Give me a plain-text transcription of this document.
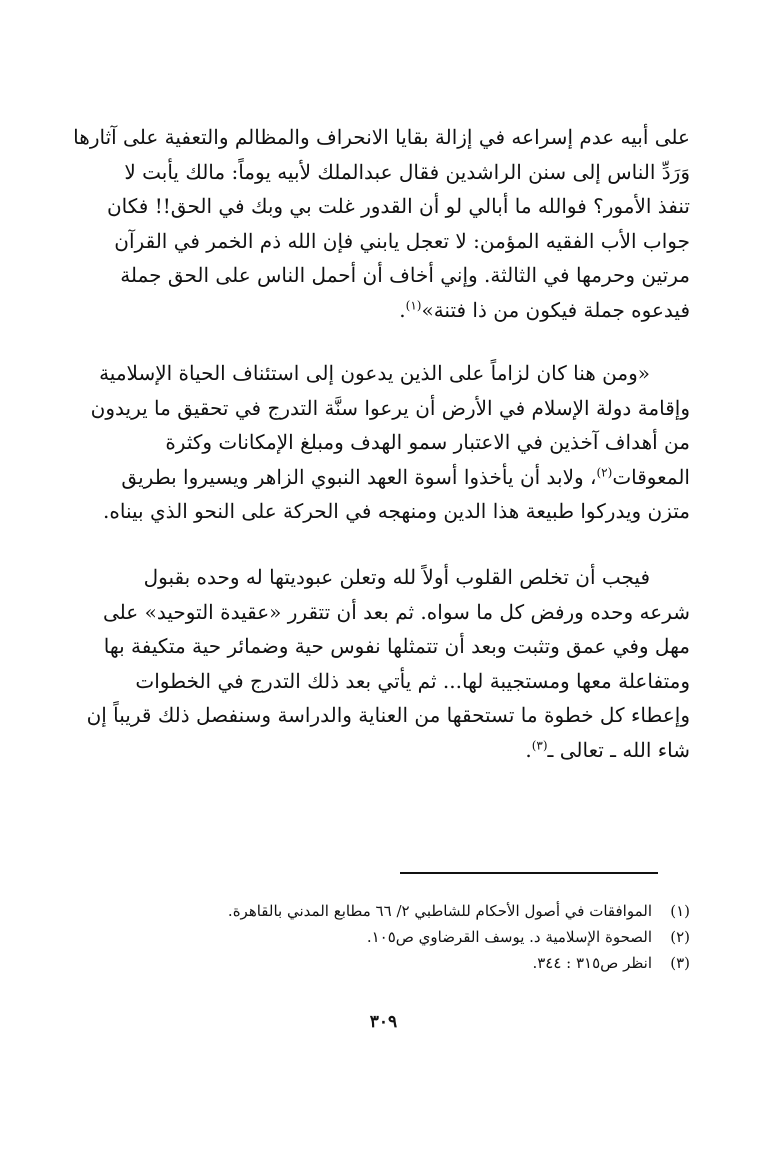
على أبيه عدم إسراعه في إزالة بقايا الانحراف والمظالم والتعفية على آثارها
وَرَدِّ الناس إلى سنن الراشدين فقال عبدالملك لأبيه يوماً: مالك يأبت لا
تنفذ الأمور؟ فوالله ما أبالي لو أن القدور غلت بي وبك في الحق!! فكان
جواب الأب الفقيه المؤمن: لا تعجل يابني فإن الله ذم الخمر في القرآن
مرتين وحرمها في الثالثة. وإني أخاف أن أحمل الناس على الحق جملة
فيدعوه جملة فيكون من ذا فتنة»$^{(١)}$.
«ومن هنا كان لزاماً على الذين يدعون إلى استئناف الحياة الإسلامية
وإقامة دولة الإسلام في الأرض أن يرعوا سنَّة التدرج في تحقيق ما يريدون
من أهداف آخذين في الاعتبار سمو الهدف ومبلغ الإمكانات وكثرة
المعوقات$^{(٢)}$، ولابد أن يأخذوا أسوة العهد النبوي الزاهر ويسيروا بطريق
متزن ويدركوا طبيعة هذا الدين ومنهجه في الحركة على النحو الذي بيناه.
فيجب أن تخلص القلوب أولاً لله وتعلن عبوديتها له وحده بقبول
شرعه وحده ورفض كل ما سواه. ثم بعد أن تتقرر «عقيدة التوحيد» على
مهل وفي عمق وتثبت وبعد أن تتمثلها نفوس حية وضمائر حية متكيفة بها
ومتفاعلة معها ومستجيبة لها... ثم يأتي بعد ذلك التدرج في الخطوات
وإعطاء كل خطوة ما تستحقها من العناية والدراسة وسنفصل ذلك قريباً إن
شاء الله ـ تعالى ـ$^{(٣)}$.
(١)الموافقات في أصول الأحكام للشاطبي ٢/ ٦٦ مطابع المدني بالقاهرة.
(٢)الصحوة الإسلامية د. يوسف القرضاوي ص١٠٥.
(٣)انظر ص٣١٥ : ٣٤٤.
٣٠٩
